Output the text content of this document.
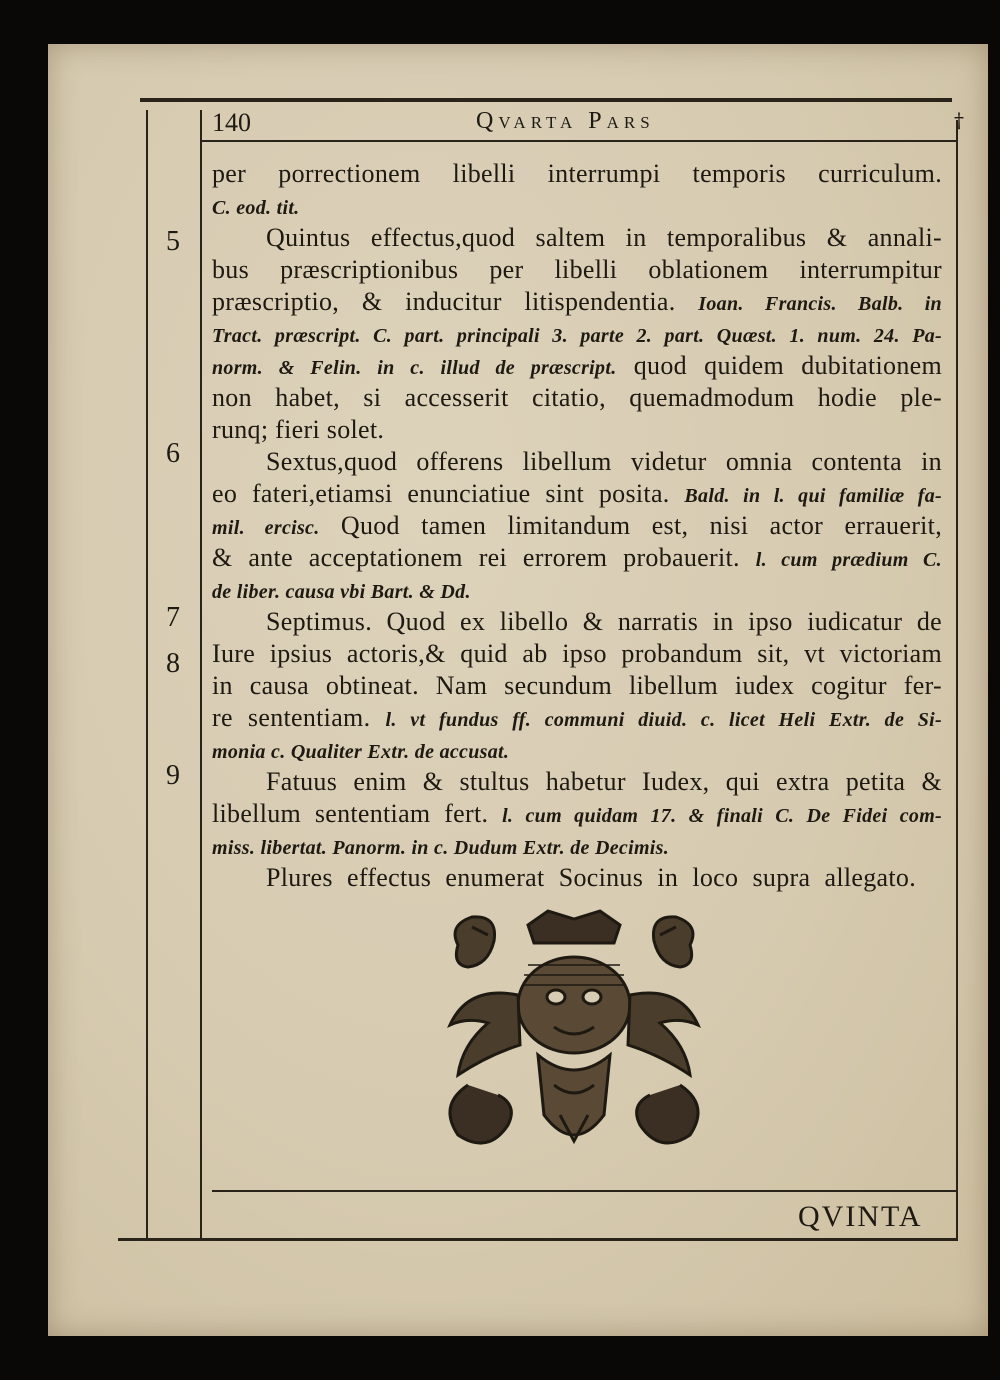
140	Qvarta Pars	†
5
6
7
8
9
per porrectionem libelli interrumpi temporis curriculum.
C. eod. tit.
Quintus effectus,quod saltem in temporalibus & annali-
bus præscriptionibus per libelli oblationem interrumpitur
præscriptio, & inducitur litispendentia. Ioan. Francis. Balb. in
Tract. præscript. C. part. principali 3. parte 2. part. Quæst. 1. num. 24. Pa-
norm. & Felin. in c. illud de præscript. quod quidem dubitationem
non habet, si accesserit citatio, quemadmodum hodie ple-
runq; fieri solet.
Sextus,quod offerens libellum videtur omnia contenta in
eo fateri,etiamsi enunciatiue sint posita. Bald. in l. qui familiæ fa-
mil. ercisc. Quod tamen limitandum est, nisi actor errauerit,
& ante acceptationem rei errorem probauerit. l. cum prædium C.
de liber. causa vbi Bart. & Dd.
Septimus. Quod ex libello & narratis in ipso iudicatur de
Iure ipsius actoris,& quid ab ipso probandum sit, vt victoriam
in causa obtineat. Nam secundum libellum iudex cogitur fer-
re sententiam. l. vt fundus ff. communi diuid. c. licet Heli Extr. de Si-
monia c. Qualiter Extr. de accusat.
Fatuus enim & stultus habetur Iudex, qui extra petita &
libellum sententiam fert. l. cum quidam 17. & finali C. De Fidei com-
miss. libertat. Panorm. in c. Dudum Extr. de Decimis.
Plures effectus enumerat Socinus in loco supra allegato.
QVINTA
